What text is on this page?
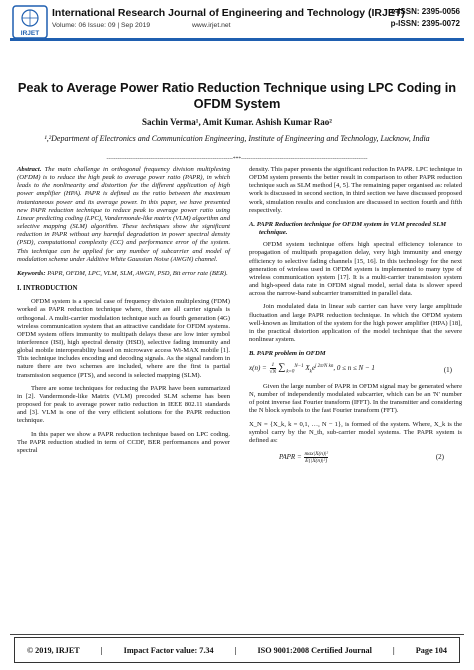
IRJET
International Research Journal of Engineering and Technology (IRJET)
Volume: 06 Issue: 09 | Sep 2019	www.irjet.net
e-ISSN: 2395-0056
p-ISSN: 2395-0072
Peak to Average Power Ratio Reduction Technique using LPC Coding in OFDM System
Sachin Verma¹, Amit Kumar. Ashish Kumar Rao²
¹,²Department of Electronics and Communication Engineering, Institute of Engineering and Technology, Lucknow, India
---------------------------------------------------------------------***---------------------------------------------------------------------

Abstract. The main challenge in orthogonal frequency division multiplexing (OFDM) is to reduce the high peak to average power ratio (PAPR), in which leads to the nonlinearity and distortion for the different application of high power amplifier (HPA). PAPR is defined as the ratio between the maximum instantaneous power and its average power. In this paper, we have presented new PAPR reduction technique to reduce peak to average power ratio using Linear predicting coding (LPC), Vandermonde-like matrix (VLM) algorithm and selective mapping (SLM) algorithm. These techniques show the significant reduction in PAPR without any harmful degradation in power spectral density (PSD), computational complexity (CC) and performance error of the system. This technique can be applied for any number of subcarrier and model of modulation scheme under Additive White Gaussian Noise (AWGN) channel.

Keywords: PAPR, OFDM, LPC, VLM, SLM, AWGN, PSD, Bit error rate (BER).

I. INTRODUCTION

OFDM system is a special case of frequency division multiplexing (FDM) worked as PAPR reduction technique where, there are all carrier signals is orthogonal. A multi-carrier modulation technique such as fourth generation (4G) wireless communication system that an attractive candidate for OFDM systems. OFDM system offers immunity to multipath delays these are low inter symbol interference (ISI), high spectral density (HSD), selective fading immunity and global mobile interoperability based on microwave access Wi-MAX mobile [1]. This technique includes encoding and decoding signals. As the signal random in nature there are two schemes are included, where are the first is partial transmission sequence (PTS), and second is selected mapping (SLM).

There are some techniques for reducing the PAPR have been summarized in [2]. Vandermonde-like Matrix (VLM) precoded SLM scheme has been proposed for peak to average power ratio reduction in IEEE 802.11 standards and [3]. VLM is one of the very efficient solutions for the PAPR reduction technique.

In this paper we show a PAPR reduction technique based on LPC coding. The PAPR reduction studied in term of CCDF, BER performances and power spectral

density. This paper presents the significant reduction In PAPR. LPC technique in OFDM system presents the better result in comparison to other PAPR reduction technique such as SLM method [4, 5]. The remaining paper organised as: related work is discussed in second section, in third section we have discussed proposed work, simulation results and conclusion are discussed in section fourth and fifth respectively.

A. PAPR Reduction technique for OFDM system in VLM precoded SLM technique.

OFDM system technique offers high spectral efficiency tolerance to propagation of multipath propagation delay, very high immunity and energy efficiency to selective fading channels [15, 16]. In this technology for the next generation of wireless used in OFDM system is implemented to many type of wireless communication system [17]. It is a multi-carrier transmission system and high-speed data rate in OFDM signal model, serial data is slower speed across the narrow-band subcarrier transmitted in parallel data.

Join modulated data in linear sub carrier can have very large amplitude fluctuation and large PAPR reduction technique. In which the OFDM system well-known as limitation of the system for the high power amplifier (HPA) [18], in the practical distortion application of the model technique that the severe nonlinear system.

B. PAPR problem in OFDM
$x(n) = \frac{1}{√N} \sum_{k=0}^{N-1}$ $X_ke^{j 2\pi/N kn}$, 0 ≤ n ≤ N − 1	(1)

Given the large number of PAPR in OFDM signal may be generated where N, number of independently modulated subcarrier, which can be an 'N' number of point inverse fast Fourier transform (IFFT). In the transmitter and considering the N block symbols to the fast Fourier transform (FFT).

X_N = {X_k, k = 0,1, …, N − 1}, is formed of the system. Where, X_k is the symbol carry by the N_th, sub-carrier model systems. The PAPR system is defined as:

PAPR = $\frac{\text{max|X(n)|²}}{\text{E\{|X(n)|²\}}}$	(2)
© 2019, IRJET	|	Impact Factor value: 7.34	|	ISO 9001:2008 Certified Journal	|	Page 104
